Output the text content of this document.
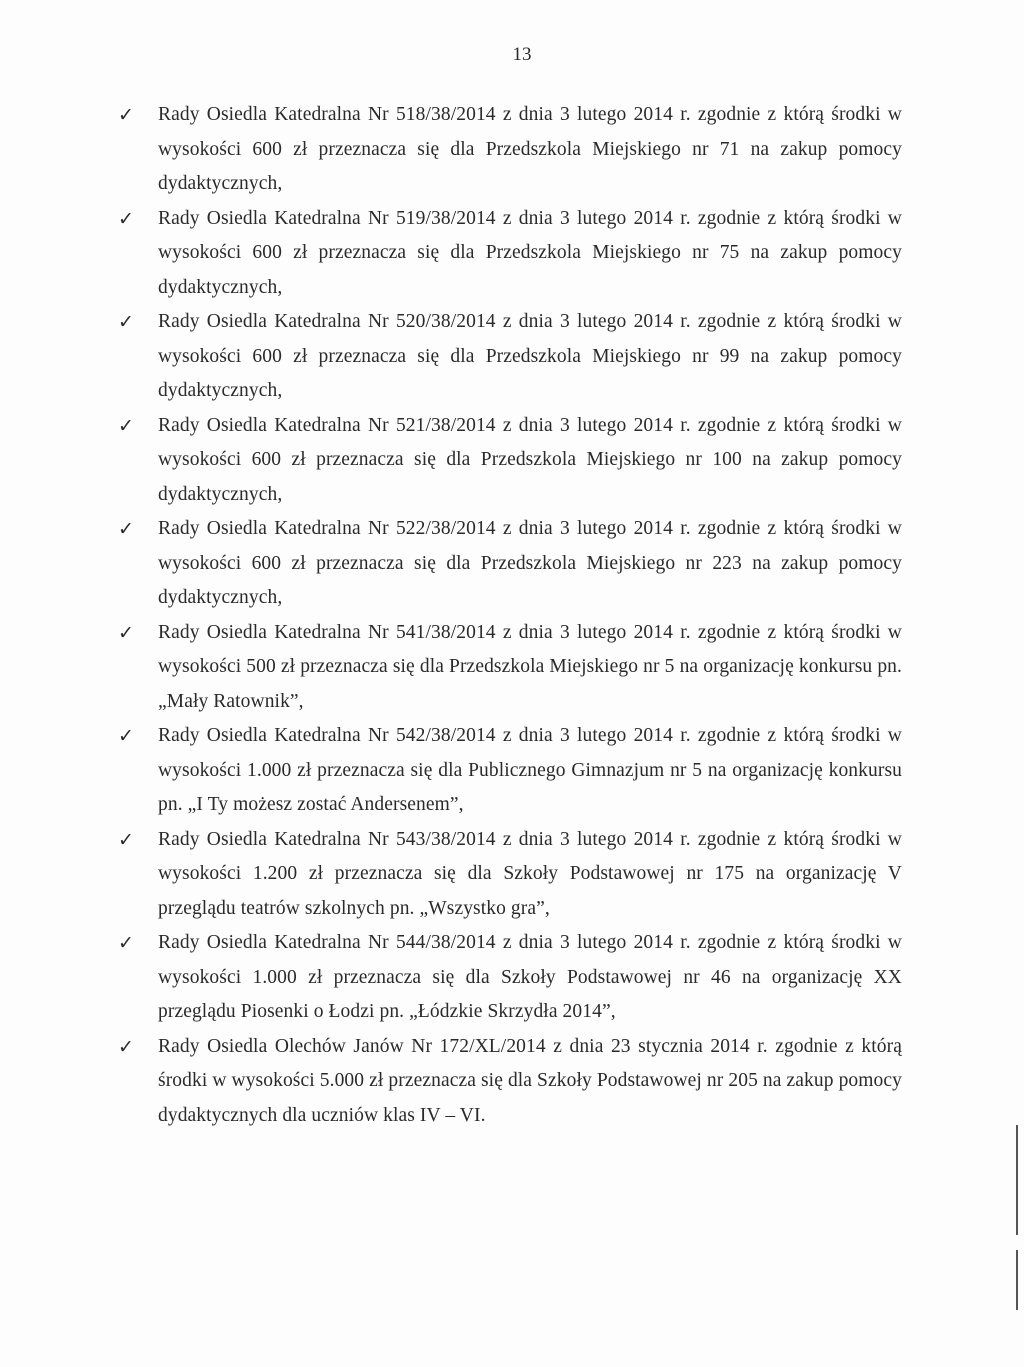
13
✓ Rady Osiedla Katedralna Nr 518/38/2014 z dnia 3 lutego 2014 r. zgodnie z którą środki w wysokości 600 zł przeznacza się dla Przedszkola Miejskiego nr 71 na zakup pomocy dydaktycznych,
✓ Rady Osiedla Katedralna Nr 519/38/2014 z dnia 3 lutego 2014 r. zgodnie z którą środki w wysokości 600 zł przeznacza się dla Przedszkola Miejskiego nr 75 na zakup pomocy dydaktycznych,
✓ Rady Osiedla Katedralna Nr 520/38/2014 z dnia 3 lutego 2014 r. zgodnie z którą środki w wysokości 600 zł przeznacza się dla Przedszkola Miejskiego nr 99 na zakup pomocy dydaktycznych,
✓ Rady Osiedla Katedralna Nr 521/38/2014 z dnia 3 lutego 2014 r. zgodnie z którą środki w wysokości 600 zł przeznacza się dla Przedszkola Miejskiego nr 100 na zakup pomocy dydaktycznych,
✓ Rady Osiedla Katedralna Nr 522/38/2014 z dnia 3 lutego 2014 r. zgodnie z którą środki w wysokości 600 zł przeznacza się dla Przedszkola Miejskiego nr 223 na zakup pomocy dydaktycznych,
✓ Rady Osiedla Katedralna Nr 541/38/2014 z dnia 3 lutego 2014 r. zgodnie z którą środki w wysokości 500 zł przeznacza się dla Przedszkola Miejskiego nr 5 na organizację konkursu pn. „Mały Ratownik”,
✓ Rady Osiedla Katedralna Nr 542/38/2014 z dnia 3 lutego 2014 r. zgodnie z którą środki w wysokości 1.000 zł przeznacza się dla Publicznego Gimnazjum nr 5 na organizację konkursu pn. „I Ty możesz zostać Andersenem”,
✓ Rady Osiedla Katedralna Nr 543/38/2014 z dnia 3 lutego 2014 r. zgodnie z którą środki w wysokości 1.200 zł przeznacza się dla Szkoły Podstawowej nr 175 na organizację V przeglądu teatrów szkolnych pn. „Wszystko gra”,
✓ Rady Osiedla Katedralna Nr 544/38/2014 z dnia 3 lutego 2014 r. zgodnie z którą środki w wysokości 1.000 zł przeznacza się dla Szkoły Podstawowej nr 46 na organizację XX przeglądu Piosenki o Łodzi pn. „Łódzkie Skrzydła 2014”,
✓ Rady Osiedla Olechów Janów Nr 172/XL/2014 z dnia 23 stycznia 2014 r. zgodnie z którą środki w wysokości 5.000 zł przeznacza się dla Szkoły Podstawowej nr 205 na zakup pomocy dydaktycznych dla uczniów klas IV – VI.
